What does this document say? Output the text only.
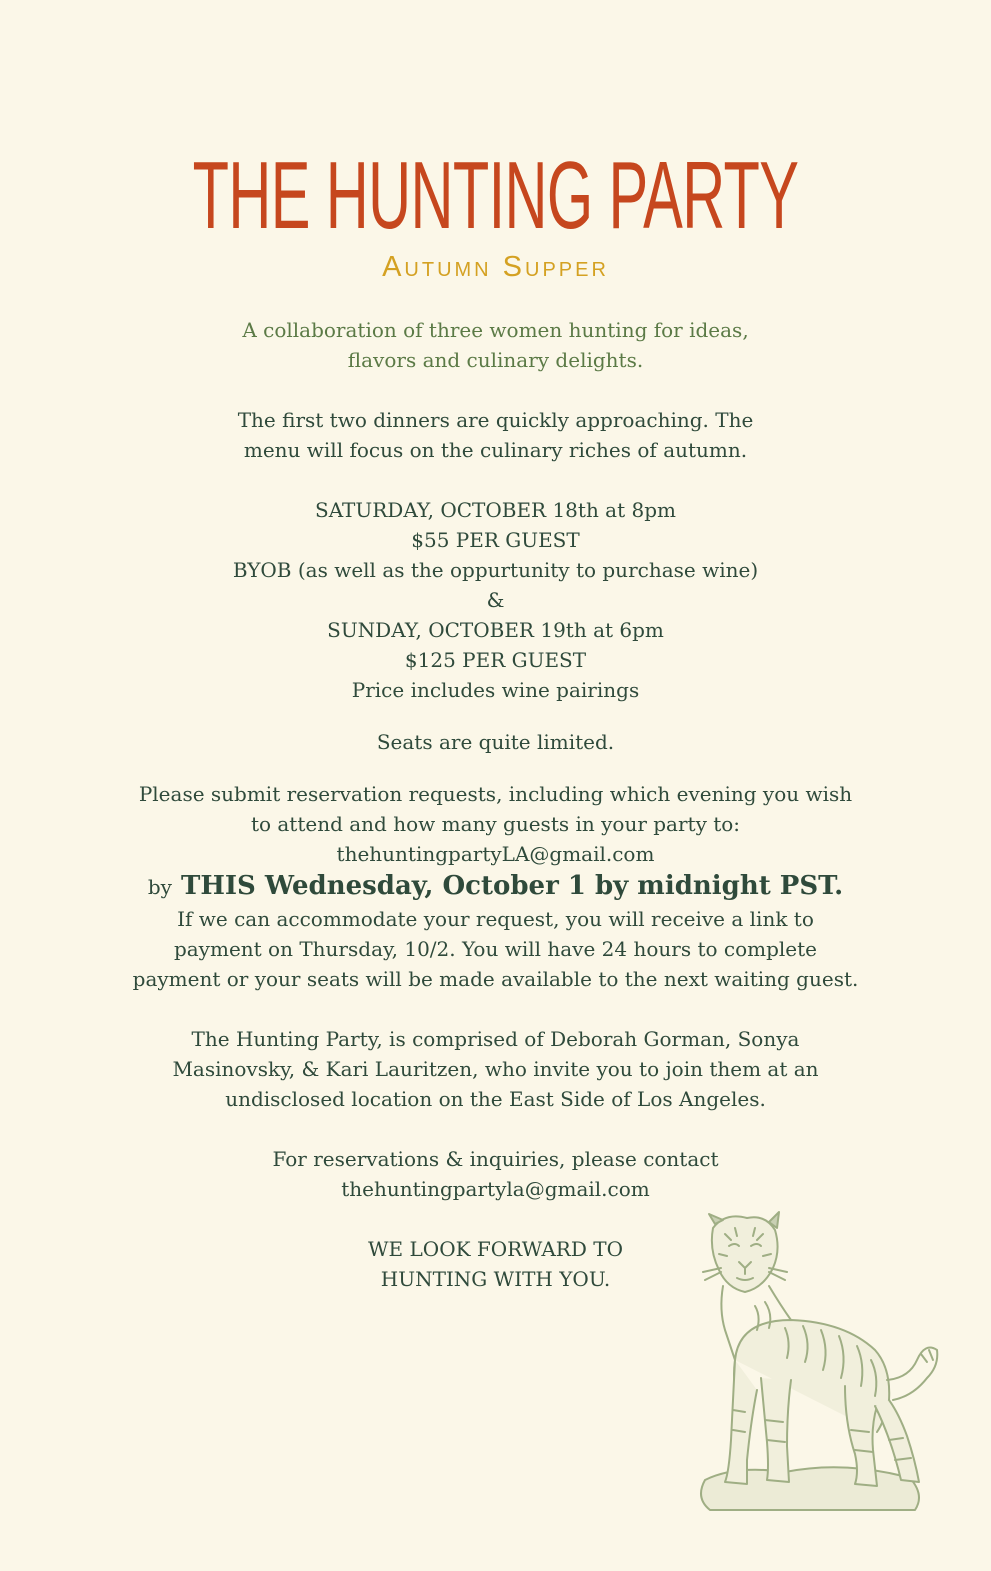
THE HUNTING PARTY
Autumn Supper
A collaboration of three women hunting for ideas,
flavors and culinary delights.
The first two dinners are quickly approaching. The
menu will focus on the culinary riches of autumn.
SATURDAY, OCTOBER 18th at 8pm
$55 PER GUEST
BYOB (as well as the oppurtunity to purchase wine)
&
SUNDAY, OCTOBER 19th at 6pm
$125 PER GUEST
Price includes wine pairings
Seats are quite limited.
Please submit reservation requests, including which evening you wish
to attend and how many guests in your party to:
thehuntingpartyLA@gmail.com
by THIS Wednesday, October 1 by midnight PST.
If we can accommodate your request, you will receive a link to
payment on Thursday, 10/2. You will have 24 hours to complete
payment or your seats will be made available to the next waiting guest.
The Hunting Party, is comprised of Deborah Gorman, Sonya
Masinovsky, & Kari Lauritzen, who invite you to join them at an
undisclosed location on the East Side of Los Angeles.
For reservations & inquiries, please contact
thehuntingpartyla@gmail.com
WE LOOK FORWARD TO
HUNTING WITH YOU.
